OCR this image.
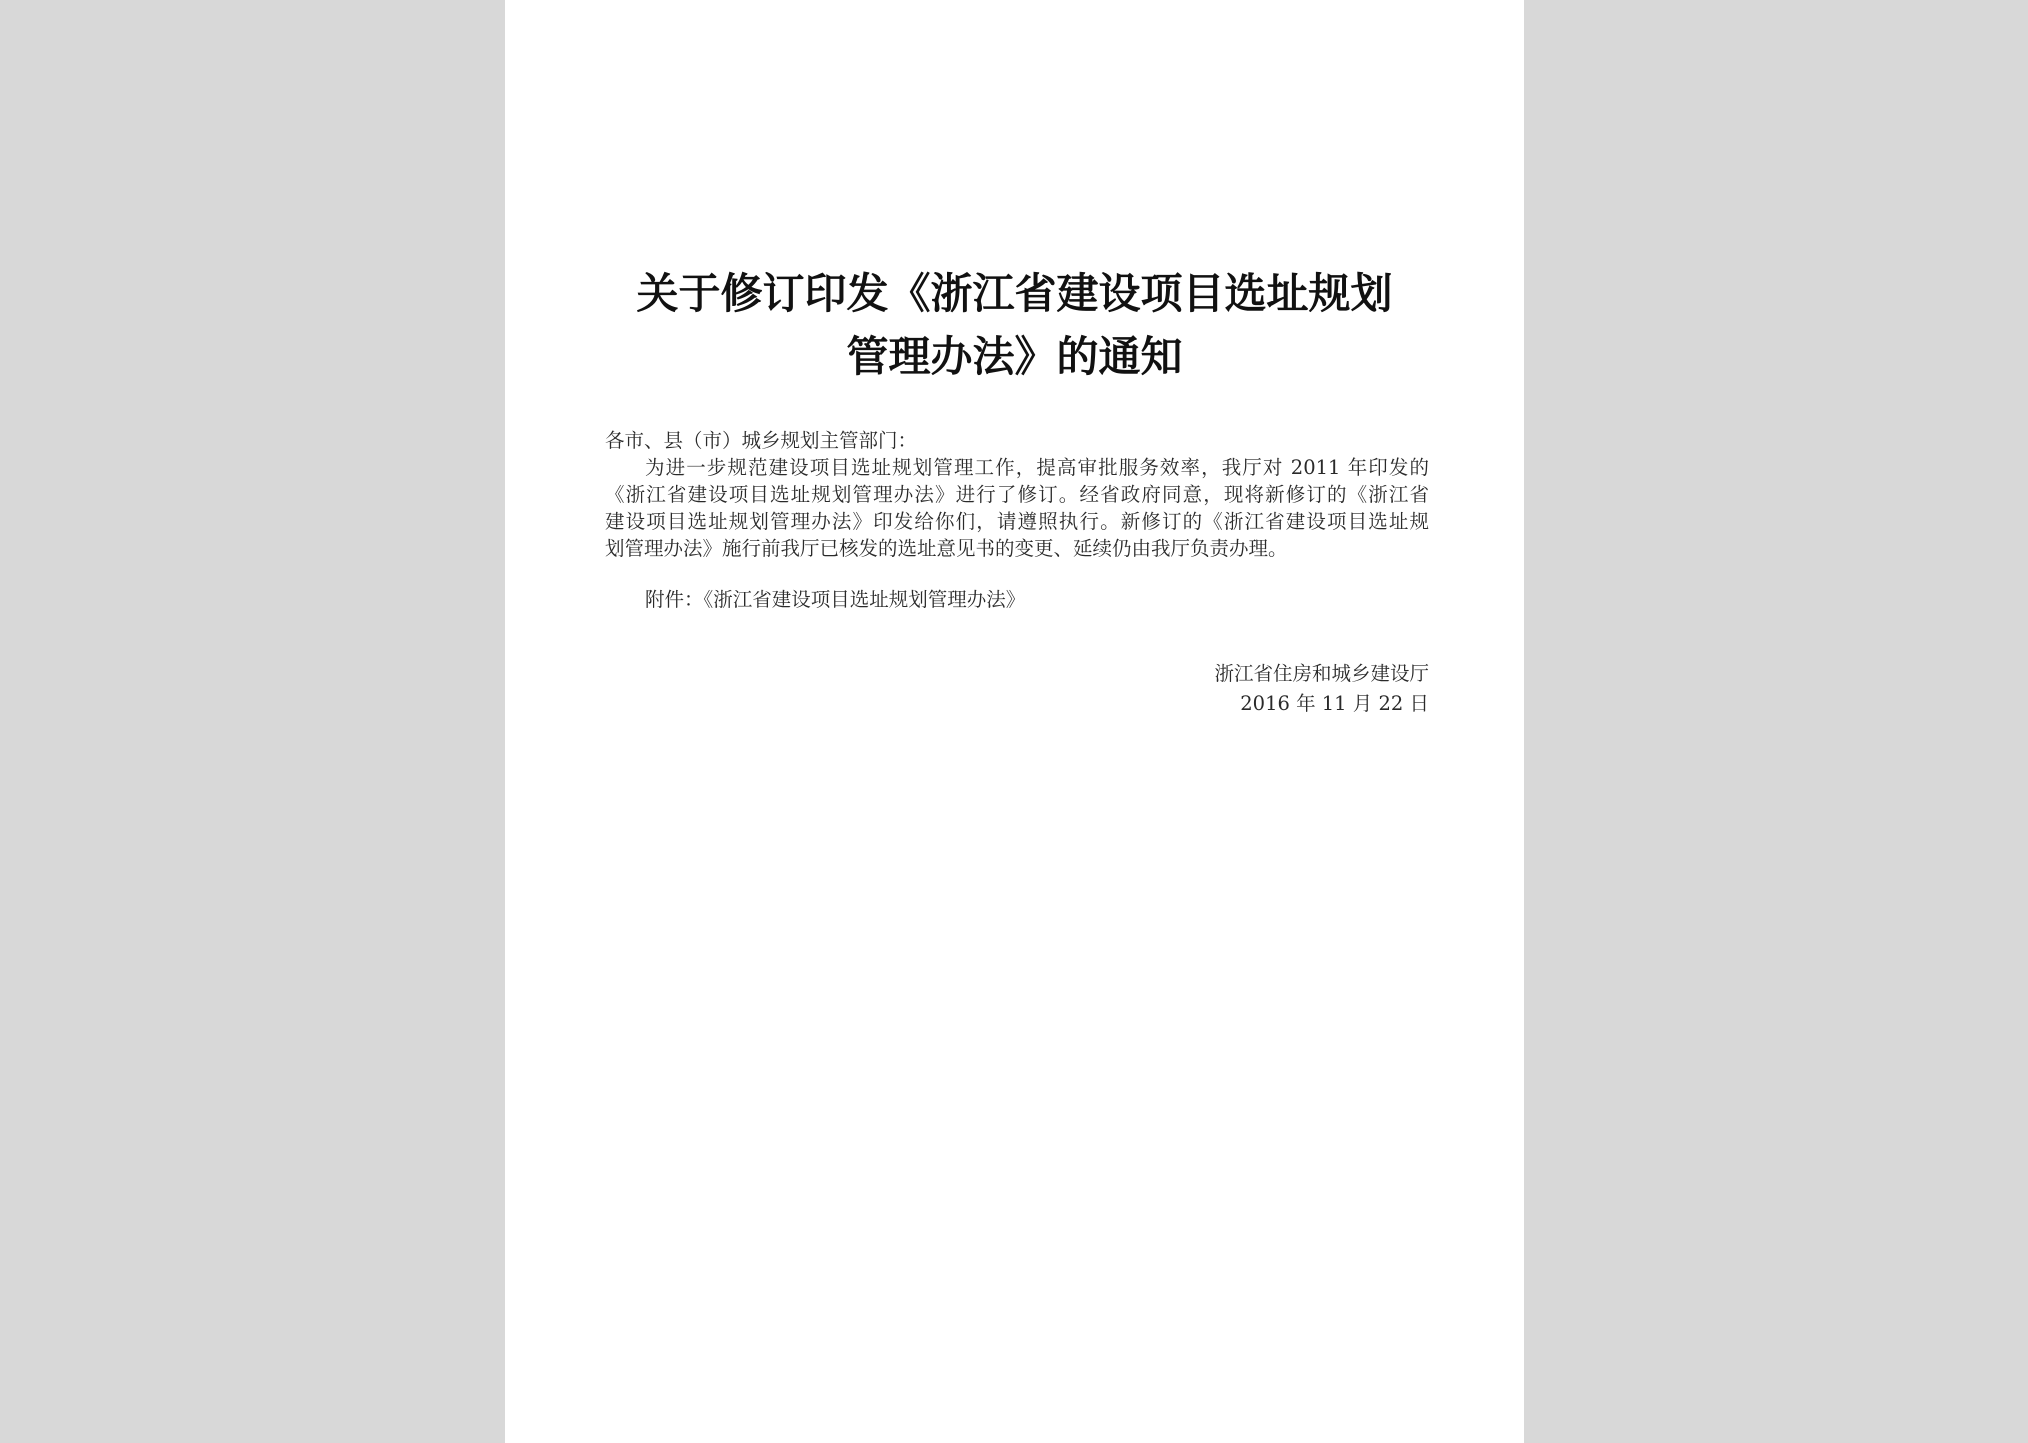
关于修订印发《浙江省建设项目选址规划
管理办法》的通知
各市、县（市）城乡规划主管部门：
为进一步规范建设项目选址规划管理工作，提高审批服务效率，我厅对 2011 年印发的
《浙江省建设项目选址规划管理办法》进行了修订。经省政府同意，现将新修订的《浙江省
建设项目选址规划管理办法》印发给你们，请遵照执行。新修订的《浙江省建设项目选址规
划管理办法》施行前我厅已核发的选址意见书的变更、延续仍由我厅负责办理。
附件：《浙江省建设项目选址规划管理办法》
浙江省住房和城乡建设厅
2016 年 11 月 22 日
